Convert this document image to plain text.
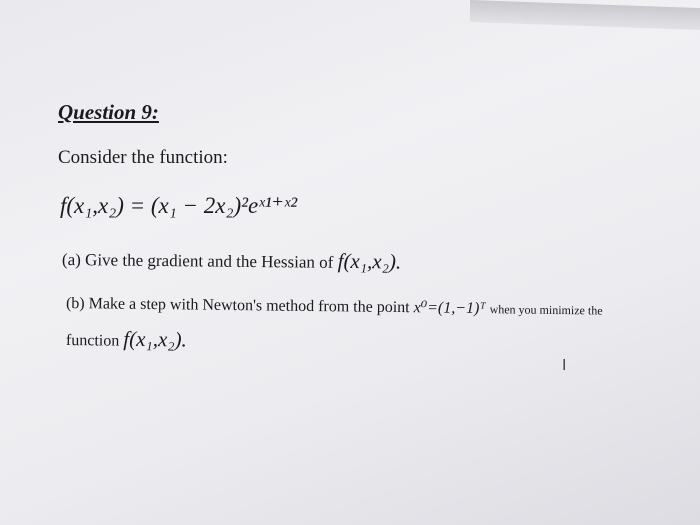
Question 9:
Consider the function:
f(x₁,x₂) = (x₁ − 2x₂)²eˣ¹⁺ˣ²
(a) Give the gradient and the Hessian of f(x₁,x₂).
(b) Make a step with Newton's method from the point x⁰=(1,−1)ᵀ when you minimize the
function f(x₁,x₂).
I
